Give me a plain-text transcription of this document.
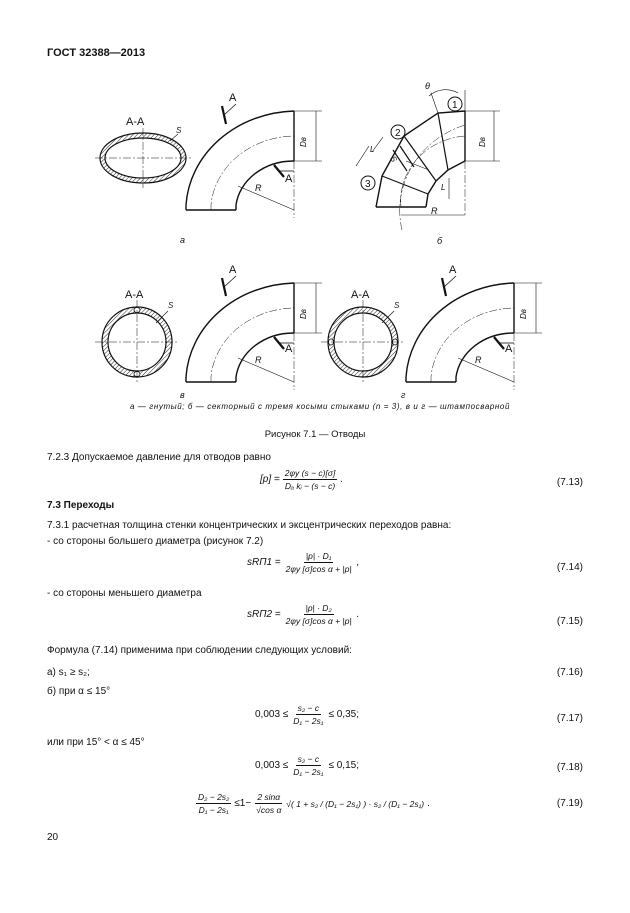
ГОСТ 32388—2013
А-А
S
А
А
Dв
R
а
θ
1
2
3
Dв
R
L
S
L
б
А-А
S
А
А
Dв
R
в
А-А
S
А
А
Dв
R
г
а — гнутый; б — секторный с тремя косыми стыками (n = 3), в и г — штампосварной
Рисунок 7.1 — Отводы
7.2.3 Допускаемое давление для отводов равно
$[p] = \frac{2\varphi y (s - c)[\sigma]}{\text{Dₐ kᵢ − (s − c)}}$ .	(7.13)
7.3 Переходы
7.3.1 расчетная толщина стенки концентрических и эксцентрических переходов равна:
- со стороны большего диаметра (рисунок 7.2)
$sRП1 = \frac{\text{|p| · D₁}}{\text{2φy [σ]cos α + |p|}}$ ,	(7.14)
- со стороны меньшего диаметра
$sRП2 = \frac{\text{|p| · D₂}}{\text{2φy [σ]cos α + |p|}}$ .
(7.15)
Формула (7.14) применима при соблюдении следующих условий:
а) s₁ ≥ s₂;	(7.16)
б) при α ≤ 15°
$0,003 \le \frac{\text{s₂ − c}}{\text{D₁ − 2s₁}} \le 0,35$;	(7.17)
или при 15° < α ≤ 45°
$0,003 \le \frac{\text{s₂ − c}}{\text{D₁ − 2s₁}} \le 0,15$;	(7.18)
$\frac{\text{D₂ − 2s₂}}{\text{D₁ − 2s₁}} \le 1- \frac{2 \sin\alpha}{\text{√cos α}}$ √( 1 + s₂ / (D₁ − 2s₁) ) · s₂ / (D₁ − 2s₁) .	(7.19)
20
